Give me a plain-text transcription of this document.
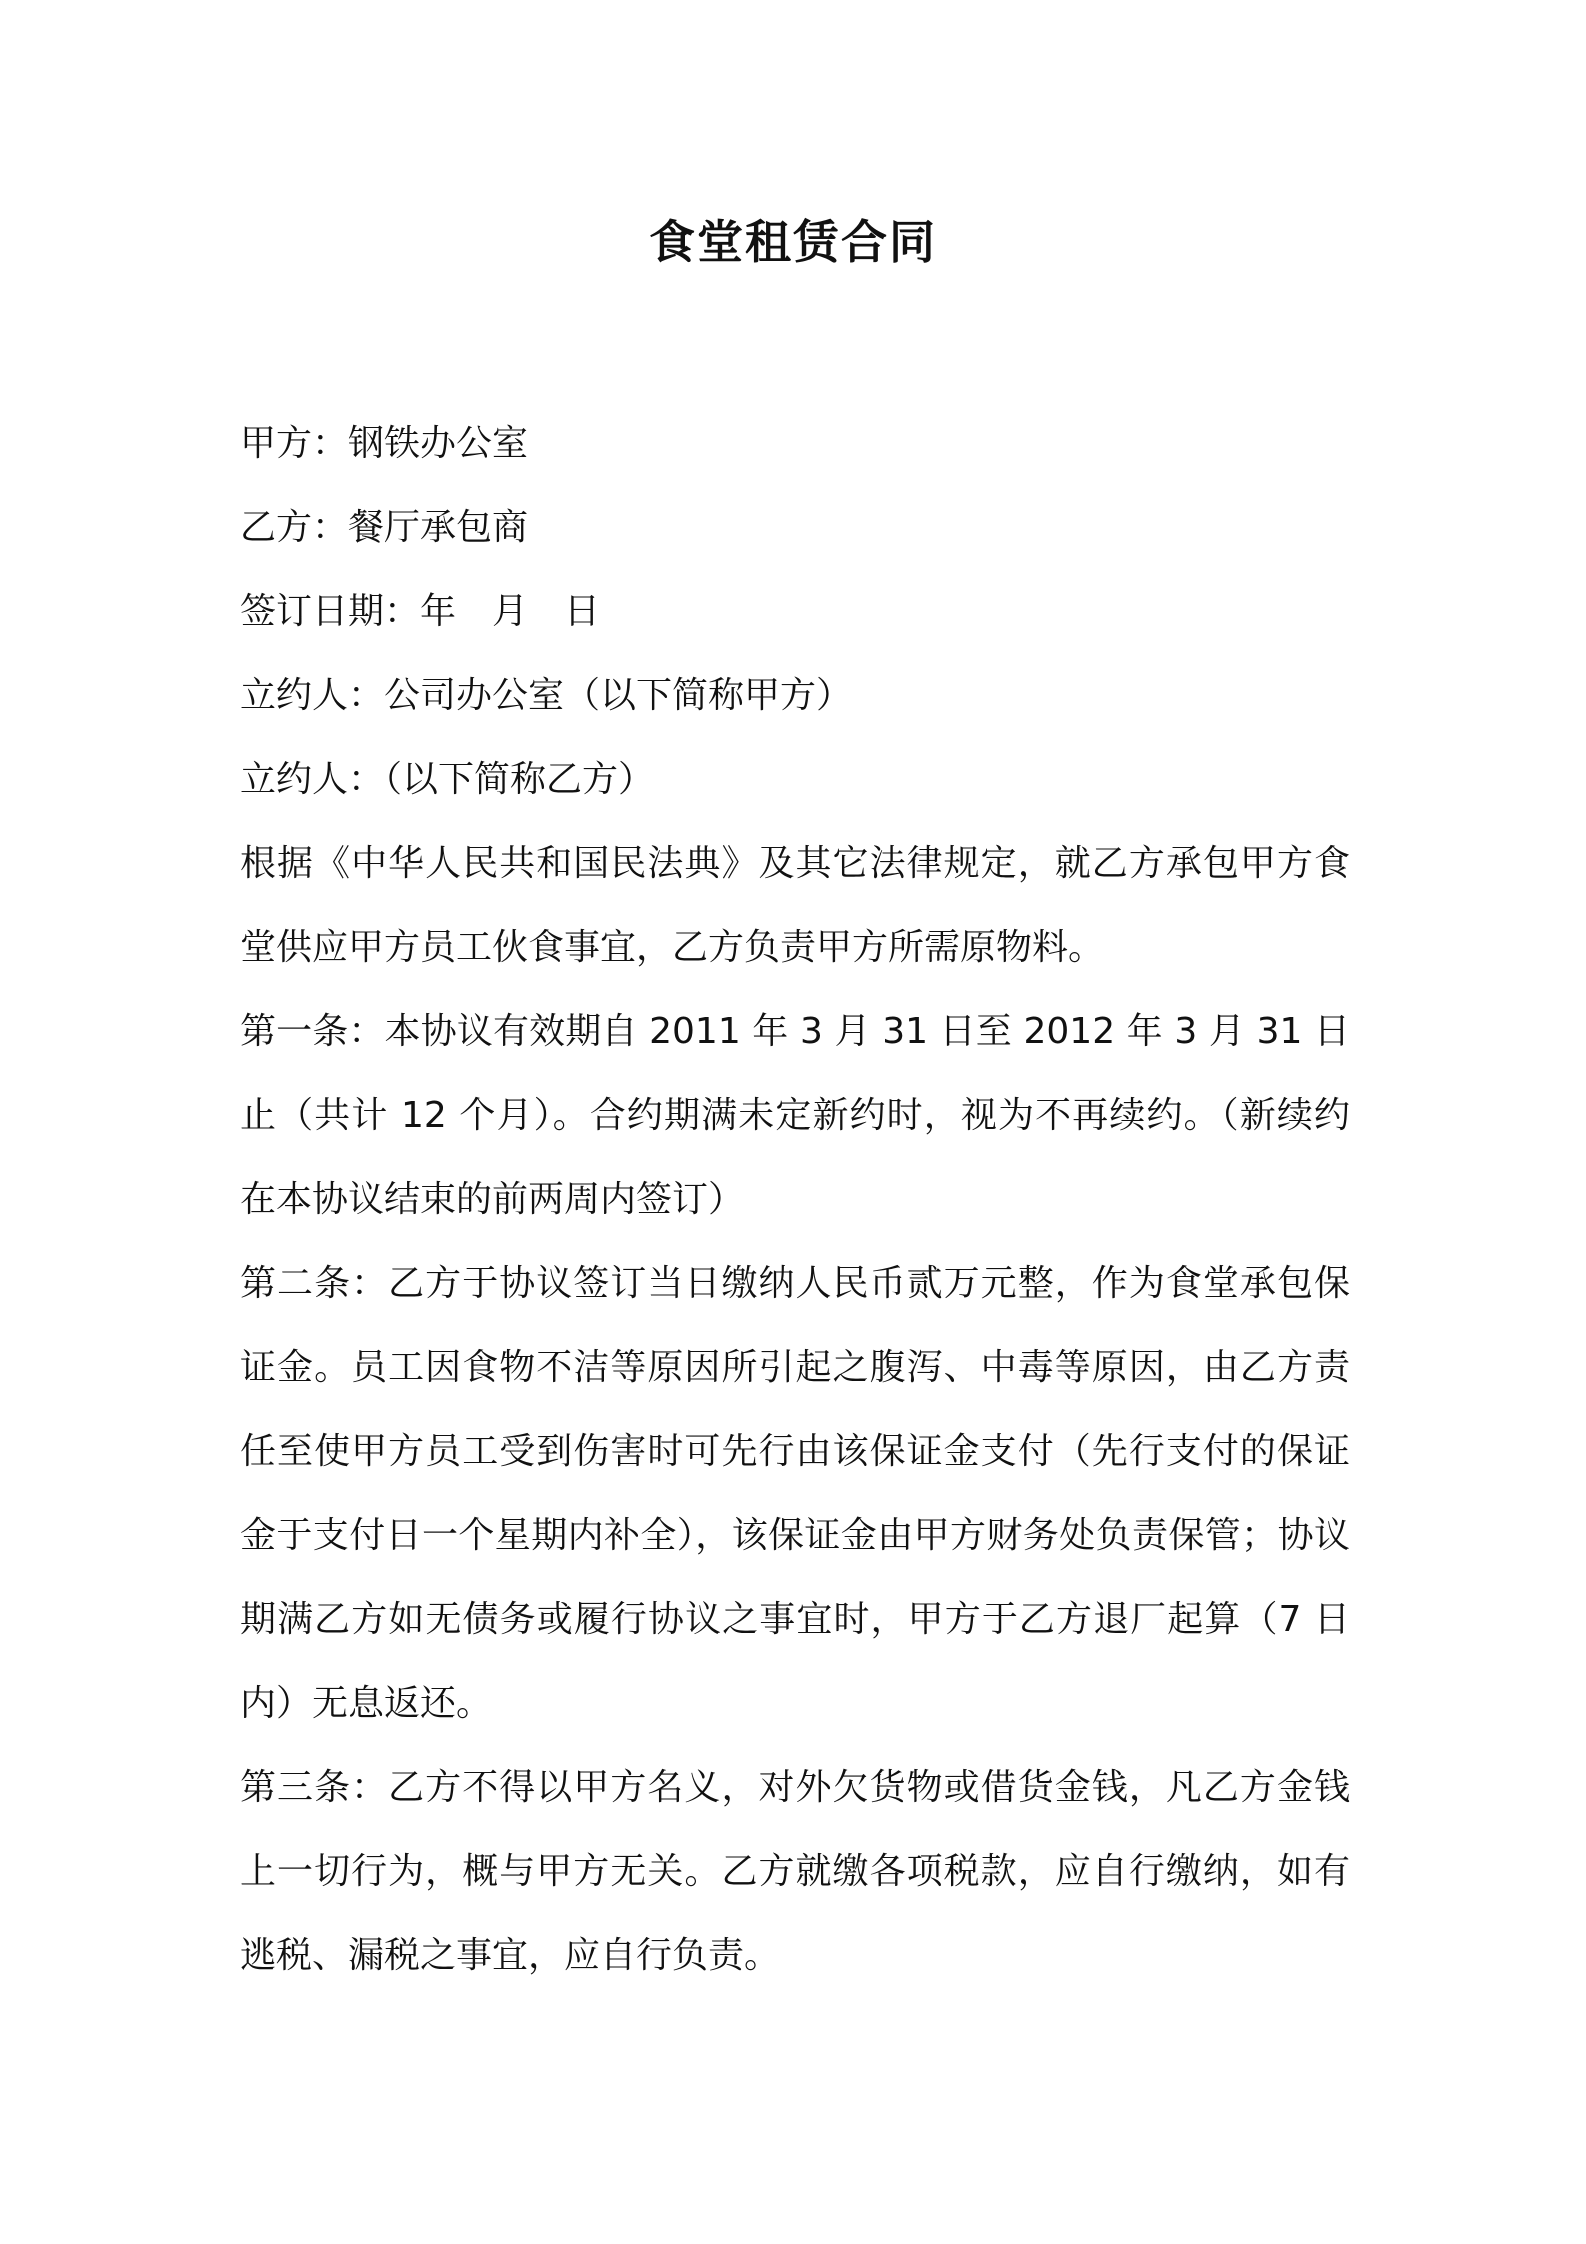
食堂租赁合同

甲方：钢铁办公室

乙方：餐厅承包商

签订日期：年　月　日

立约人：公司办公室（以下简称甲方）

立约人：（以下简称乙方）

根据《中华人民共和国民法典》及其它法律规定，就乙方承包甲方食堂供应甲方员工伙食事宜，乙方负责甲方所需原物料。

第一条：本协议有效期自 2011 年 3 月 31 日至 2012 年 3 月 31 日止（共计 12 个月）。合约期满未定新约时，视为不再续约。（新续约在本协议结束的前两周内签订）

第二条：乙方于协议签订当日缴纳人民币贰万元整，作为食堂承包保证金。员工因食物不洁等原因所引起之腹泻、中毒等原因，由乙方责任至使甲方员工受到伤害时可先行由该保证金支付（先行支付的保证金于支付日一个星期内补全），该保证金由甲方财务处负责保管；协议期满乙方如无债务或履行协议之事宜时，甲方于乙方退厂起算（7 日内）无息返还。

第三条：乙方不得以甲方名义，对外欠货物或借货金钱，凡乙方金钱上一切行为，概与甲方无关。乙方就缴各项税款，应自行缴纳，如有逃税、漏税之事宜，应自行负责。
